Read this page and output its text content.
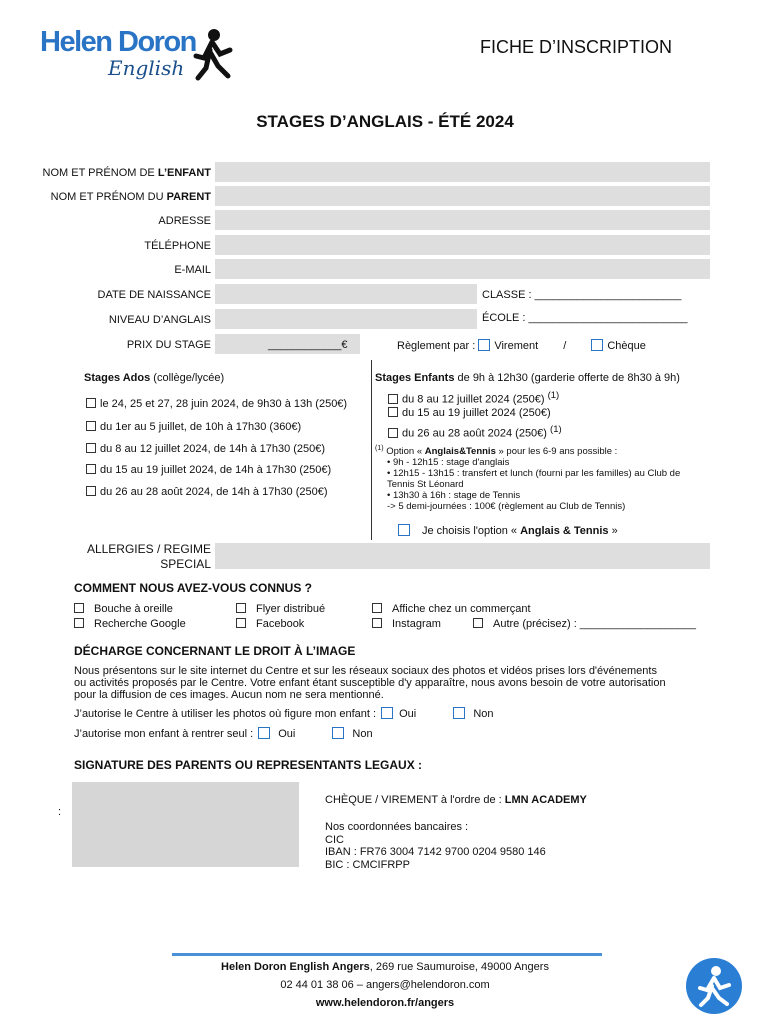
Helen Doron
English
FICHE D’INSCRIPTION
STAGES D’ANGLAIS - ÉTÉ 2024
NOM ET PRÉNOM DE L’ENFANT
NOM ET PRÉNOM DU PARENT
ADRESSE
TÉLÉPHONE
E-MAIL
DATE DE NAISSANCE	CLASSE : ________________________
NIVEAU D’ANGLAIS	ÉCOLE : __________________________
PRIX DU STAGE	____________€	Règlement par : Virement /	Chèque
Stages Ados (collège/lycée)
le 24, 25 et 27, 28 juin 2024, de 9h30 à 13h (250€)
du 1er au 5 juillet, de 10h à 17h30 (360€)
du 8 au 12 juillet 2024, de 14h à 17h30 (250€)
du 15 au 19 juillet 2024, de 14h à 17h30 (250€)
du 26 au 28 août 2024, de 14h à 17h30 (250€)
Stages Enfants de 9h à 12h30 (garderie offerte de 8h30 à 9h)
du 8 au 12 juillet 2024 (250€) $^{(1)}$
du 15 au 19 juillet 2024 (250€)
du 26 au 28 août 2024 (250€) $^{(1)}$
$^{(1)}$ Option « Anglais&Tennis » pour les 6-9 ans possible :
• 9h - 12h15 : stage d'anglais
• 12h15 - 13h15 : transfert et lunch (fourni par les familles) au Club de
Tennis St Léonard
• 13h30 à 16h : stage de Tennis
-> 5 demi-journées : 100€ (règlement au Club de Tennis)
Je choisis l'option « Anglais & Tennis »
ALLERGIES / REGIME
SPECIAL
COMMENT NOUS AVEZ-VOUS CONNUS ?
Bouche à oreille	Flyer distribué	Affiche chez un commerçant
Recherche Google	Facebook	Instagram	Autre (précisez) : ___________________
DÉCHARGE CONCERNANT LE DROIT À L’IMAGE
Nous présentons sur le site internet du Centre et sur les réseaux sociaux des photos et vidéos prises lors d'événements
ou activités proposés par le Centre. Votre enfant étant susceptible d'y apparaître, nous avons besoin de votre autorisation
pour la diffusion de ces images. Aucun nom ne sera mentionné.
J’autorise le Centre à utiliser les photos où figure mon enfant : Oui	Non
J’autorise mon enfant à rentrer seul : Oui	Non
SIGNATURE DES PARENTS OU REPRESENTANTS LEGAUX :
:
CHÈQUE / VIREMENT à l'ordre de : LMN ACADEMY
Nos coordonnées bancaires :
CIC
IBAN : FR76 3004 7142 9700 0204 9580 146
BIC : CMCIFRPP
Helen Doron English Angers, 269 rue Saumuroise, 49000 Angers
02 44 01 38 06 – angers@helendoron.com
www.helendoron.fr/angers
